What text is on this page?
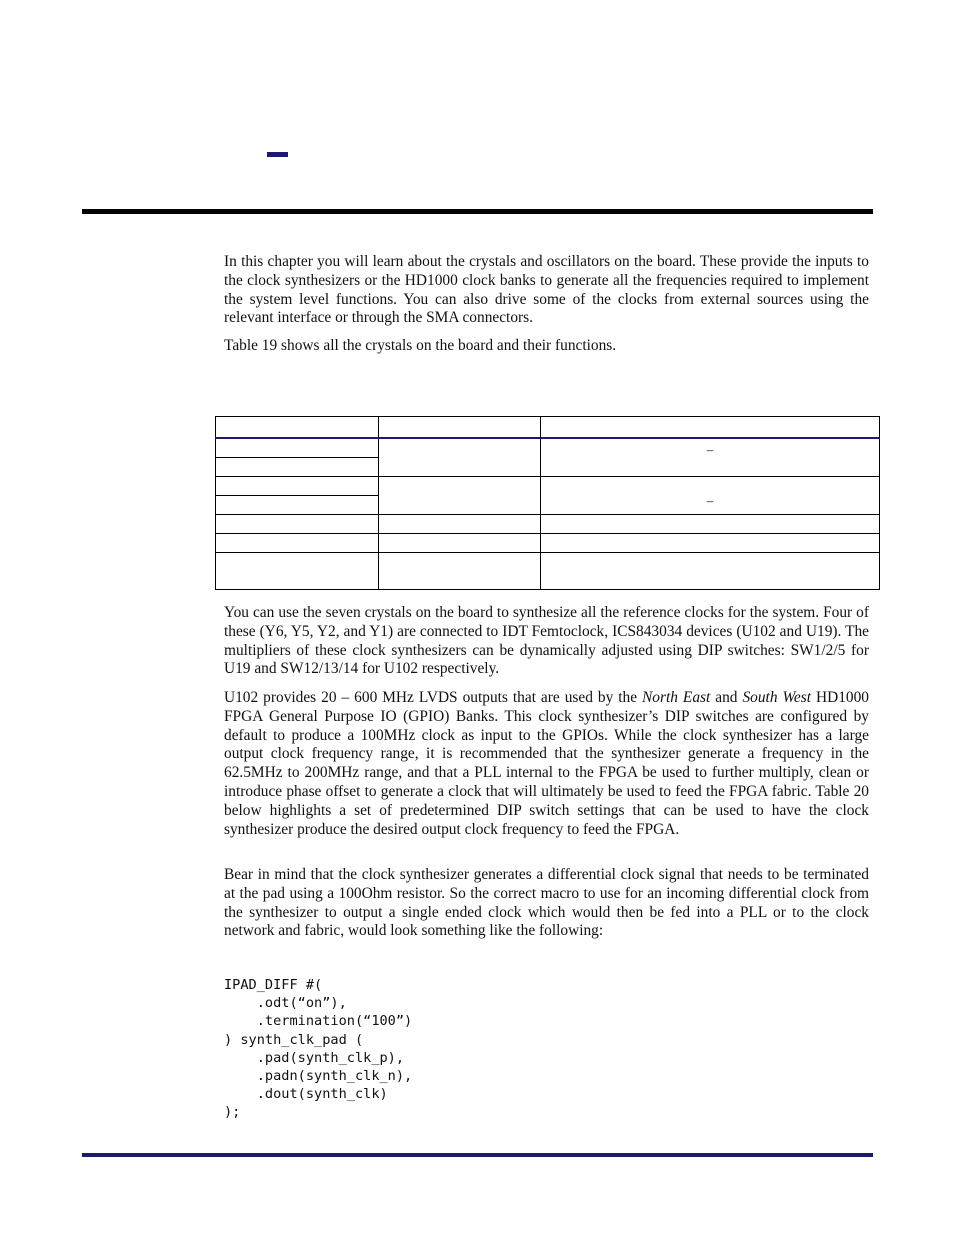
In this chapter you will learn about the crystals and oscillators on the board. These provide the inputs to the clock synthesizers or the HD1000 clock banks to generate all the frequencies required to implement the system level functions. You can also drive some of the clocks from external sources using the relevant interface or through the SMA connectors.

Table 19 shows all the crystals on the board and their functions.

		–

		–

You can use the seven crystals on the board to synthesize all the reference clocks for the system. Four of these (Y6, Y5, Y2, and Y1) are connected to IDT Femtoclock, ICS843034 devices (U102 and U19). The multipliers of these clock synthesizers can be dynamically adjusted using DIP switches: SW1/2/5 for U19 and SW12/13/14 for U102 respectively.

U102 provides 20 – 600 MHz LVDS outputs that are used by the North East and South West HD1000 FPGA General Purpose IO (GPIO) Banks. This clock synthesizer’s DIP switches are configured by default to produce a 100MHz clock as input to the GPIOs. While the clock synthesizer has a large output clock frequency range, it is recommended that the synthesizer generate a frequency in the 62.5MHz to 200MHz range, and that a PLL internal to the FPGA be used to further multiply, clean or introduce phase offset to generate a clock that will ultimately be used to feed the FPGA fabric. Table 20 below highlights a set of predetermined DIP switch settings that can be used to have the clock synthesizer produce the desired output clock frequency to feed the FPGA.

Bear in mind that the clock synthesizer generates a differential clock signal that needs to be terminated at the pad using a 100Ohm resistor. So the correct macro to use for an incoming differential clock from the synthesizer to output a single ended clock which would then be fed into a PLL or to the clock network and fabric, would look something like the following:

IPAD_DIFF #(
.odt(“on”),
.termination(“100”)
) synth_clk_pad (
.pad(synth_clk_p),
.padn(synth_clk_n),
.dout(synth_clk)
);
